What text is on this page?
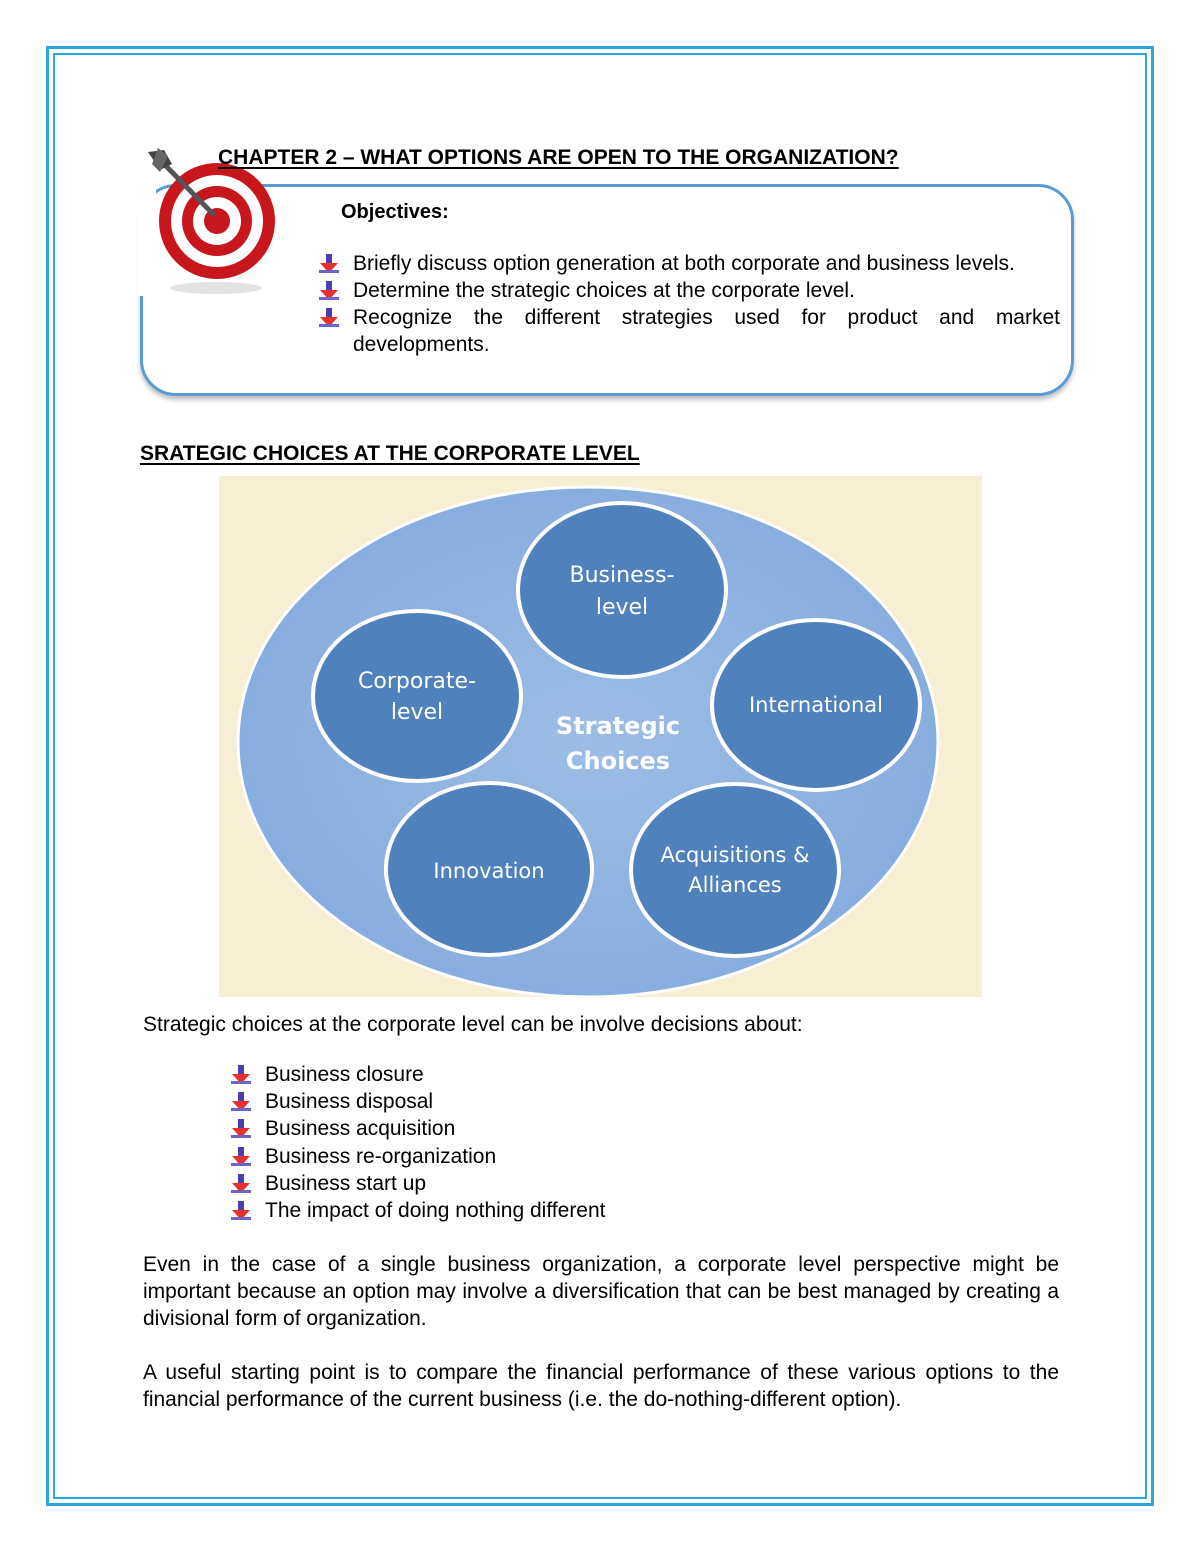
CHAPTER 2 – WHAT OPTIONS ARE OPEN TO THE ORGANIZATION?
Objectives:
Briefly discuss option generation at both corporate and business levels.
Determine the strategic choices at the corporate level.
Recognize the different strategies used for product and market developments.
SRATEGIC CHOICES AT THE CORPORATE LEVEL
Business-
level
Corporate-
level	International
Innovation
Acquisitions &
Alliances
Strategic
Choices
Strategic choices at the corporate level can be involve decisions about:
Business closure
Business disposal
Business acquisition
Business re-organization
Business start up
The impact of doing nothing different
Even in the case of a single business organization, a corporate level perspective might be important because an option may involve a diversification that can be best managed by creating a divisional form of organization.
A useful starting point is to compare the financial performance of these various options to the financial performance of the current business (i.e. the do-nothing-different option).
